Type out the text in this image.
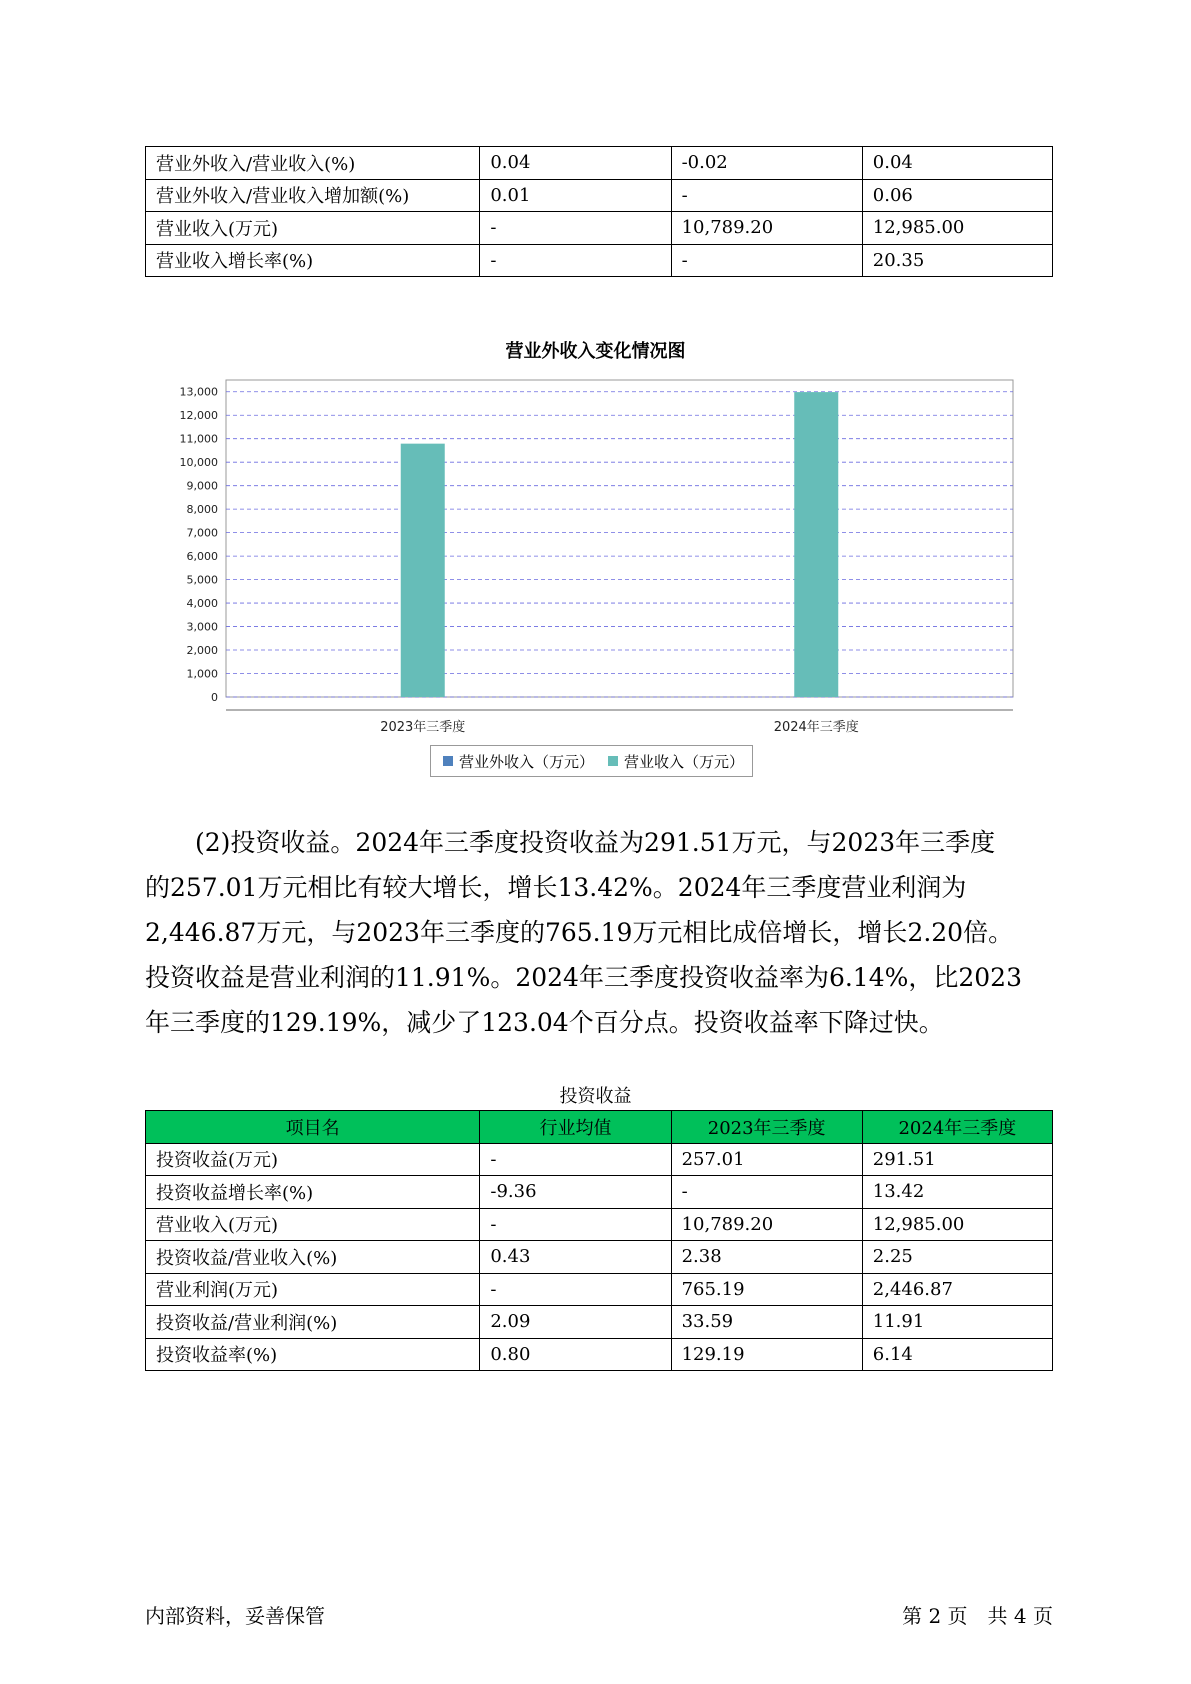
营业外收入/营业收入(%)	0.04	-0.02	0.04
营业外收入/营业收入增加额(%)	0.01	-	0.06
营业收入(万元)	-	10,789.20	12,985.00
营业收入增长率(%)	-	-	20.35
营业外收入变化情况图
0
1,000
2,000
3,000
4,000
5,000
6,000
7,000
8,000
9,000
10,000
11,000
12,000
13,000
2023年三季度	2024年三季度
营业外收入（万元） 营业收入（万元）

(2)投资收益。2024年三季度投资收益为291.51万元，与2023年三季度

的257.01万元相比有较大增长，增长13.42%。2024年三季度营业利润为

2,446.87万元，与2023年三季度的765.19万元相比成倍增长，增长2.20倍。

投资收益是营业利润的11.91%。2024年三季度投资收益率为6.14%，比2023

年三季度的129.19%，减少了123.04个百分点。投资收益率下降过快。

投资收益
项目名	行业均值	2023年三季度	2024年三季度
投资收益(万元)	-	257.01	291.51
投资收益增长率(%)	-9.36	-	13.42
营业收入(万元)	-	10,789.20	12,985.00
投资收益/营业收入(%)	0.43	2.38	2.25
营业利润(万元)	-	765.19	2,446.87
投资收益/营业利润(%)	2.09	33.59	11.91
投资收益率(%)	0.80	129.19	6.14
内部资料，妥善保管	第 2 页　共 4 页
